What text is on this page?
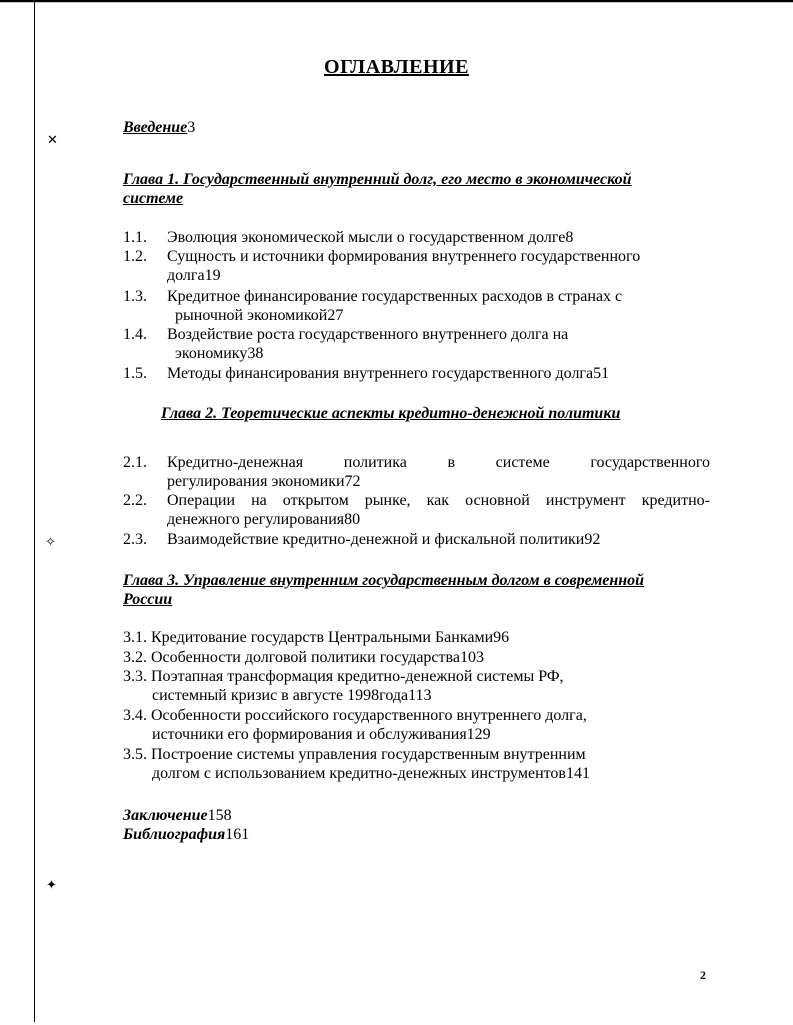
ОГЛАВЛЕНИЕ
Введение3
Глава 1. Государственный внутренний долг, его место в экономической
системе
1.1. Эволюция экономической мысли о государственном долге8
1.2.	Сущность и источники формирования внутреннего государственного
долга19
1.3. Кредитное финансирование государственных расходов в странах с
рыночной экономикой27
1.4. Воздействие роста государственного внутреннего долга на
экономику38
1.5. Методы финансирования внутреннего государственного долга51
Глава 2. Теоретические аспекты кредитно-денежной политики
2.1.	Кредитно-денежная политика в системе государственного
регулирования экономики72
2.2.	Операции на открытом рынке, как основной инструмент кредитно-
денежного регулирования80
2.3. Взаимодействие кредитно-денежной и фискальной политики92
Глава 3. Управление внутренним государственным долгом в современной
России
3.1. Кредитование государств Центральными Банками96
3.2. Особенности долговой политики государства103
3.3. Поэтапная трансформация кредитно-денежной системы РФ,
системный кризис в августе 1998года113
3.4. Особенности российского государственного внутреннего долга,
источники его формирования и обслуживания129
3.5. Построение системы управления государственным внутренним
долгом с использованием кредитно-денежных инструментов141
Заключение158
Библиография161
2
✕
✧
✦
